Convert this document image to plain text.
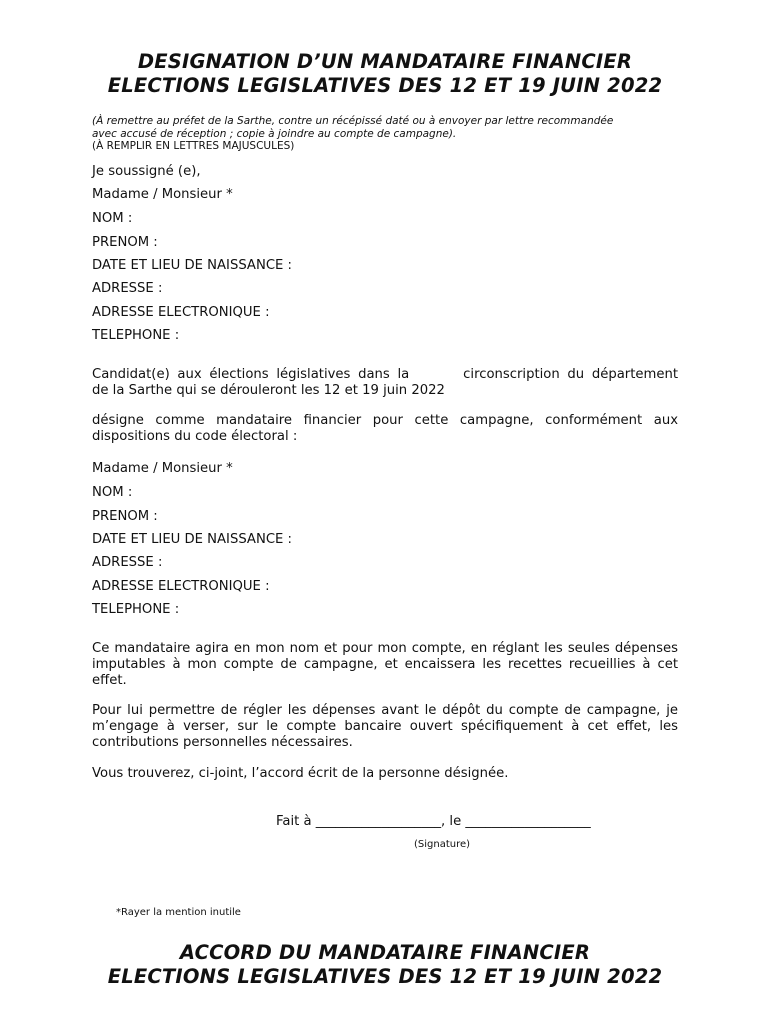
DESIGNATION D’UN MANDATAIRE FINANCIER
ELECTIONS LEGISLATIVES DES 12 ET 19 JUIN 2022
(À remettre au préfet de la Sarthe, contre un récépissé daté ou à envoyer par lettre recommandée
avec accusé de réception ; copie à joindre au compte de campagne).
(À REMPLIR EN LETTRES MAJUSCULES)
Je soussigné (e),
Madame / Monsieur *
NOM :
PRENOM :
DATE ET LIEU DE NAISSANCE :
ADRESSE :
ADRESSE ELECTRONIQUE :
TELEPHONE :
Candidat(e) aux élections législatives dans la       circonscription du département
de la Sarthe qui se dérouleront les 12 et 19 juin 2022
désigne comme mandataire financier pour cette campagne, conformément aux dispositions du code électoral :
Madame / Monsieur *
NOM :
PRENOM :
DATE ET LIEU DE NAISSANCE :
ADRESSE :
ADRESSE ELECTRONIQUE :
TELEPHONE :
Ce mandataire agira en mon nom et pour mon compte, en réglant les seules dépenses imputables à mon compte de campagne, et encaissera les recettes recueillies à cet effet.
Pour lui permettre de régler les dépenses avant le dépôt du compte de campagne, je m’engage à verser, sur le compte bancaire ouvert spécifiquement à cet effet, les contributions personnelles nécessaires.
Vous trouverez, ci-joint, l’accord écrit de la personne désignée.
Fait à ___________________, le ___________________
(Signature)
*Rayer la mention inutile
ACCORD DU MANDATAIRE FINANCIER
ELECTIONS LEGISLATIVES DES 12 ET 19 JUIN 2022
